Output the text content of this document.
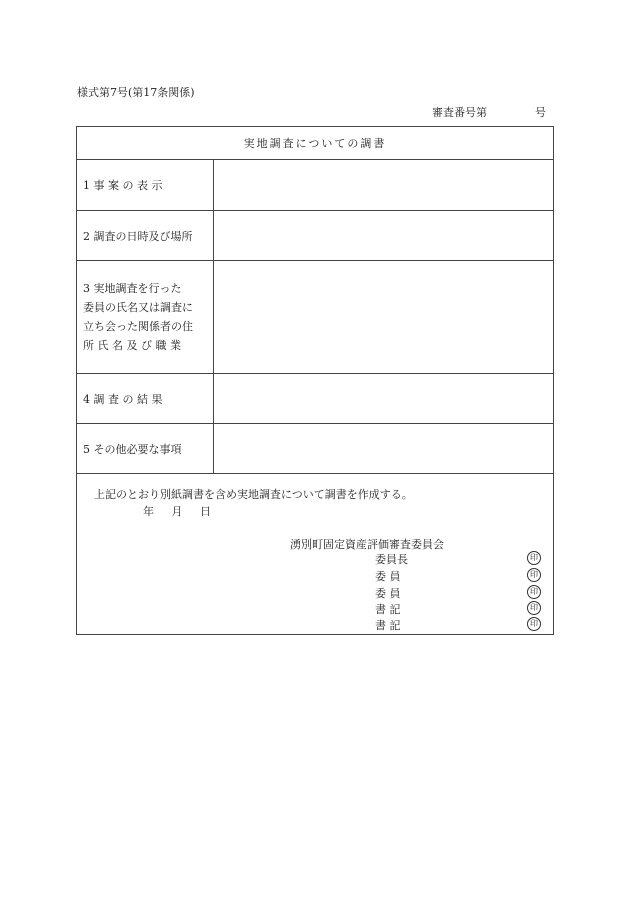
様式第7号(第17条関係)
審査番号第	号
実地調査についての調書
1 事 案 の 表 示
2 調査の日時及び場所
3 実地調査を行った
委員の氏名又は調査に
立ち会った関係者の住
所 氏 名 及 び 職 業
4 調 査 の 結 果
5 その他必要な事項
上記のとおり別紙調書を含め実地調査について調書を作成する。
年 月 日
湧別町固定資産評価審査委員会
委員長	印
委 員	印
委 員	印
書 記	印
書 記	印
